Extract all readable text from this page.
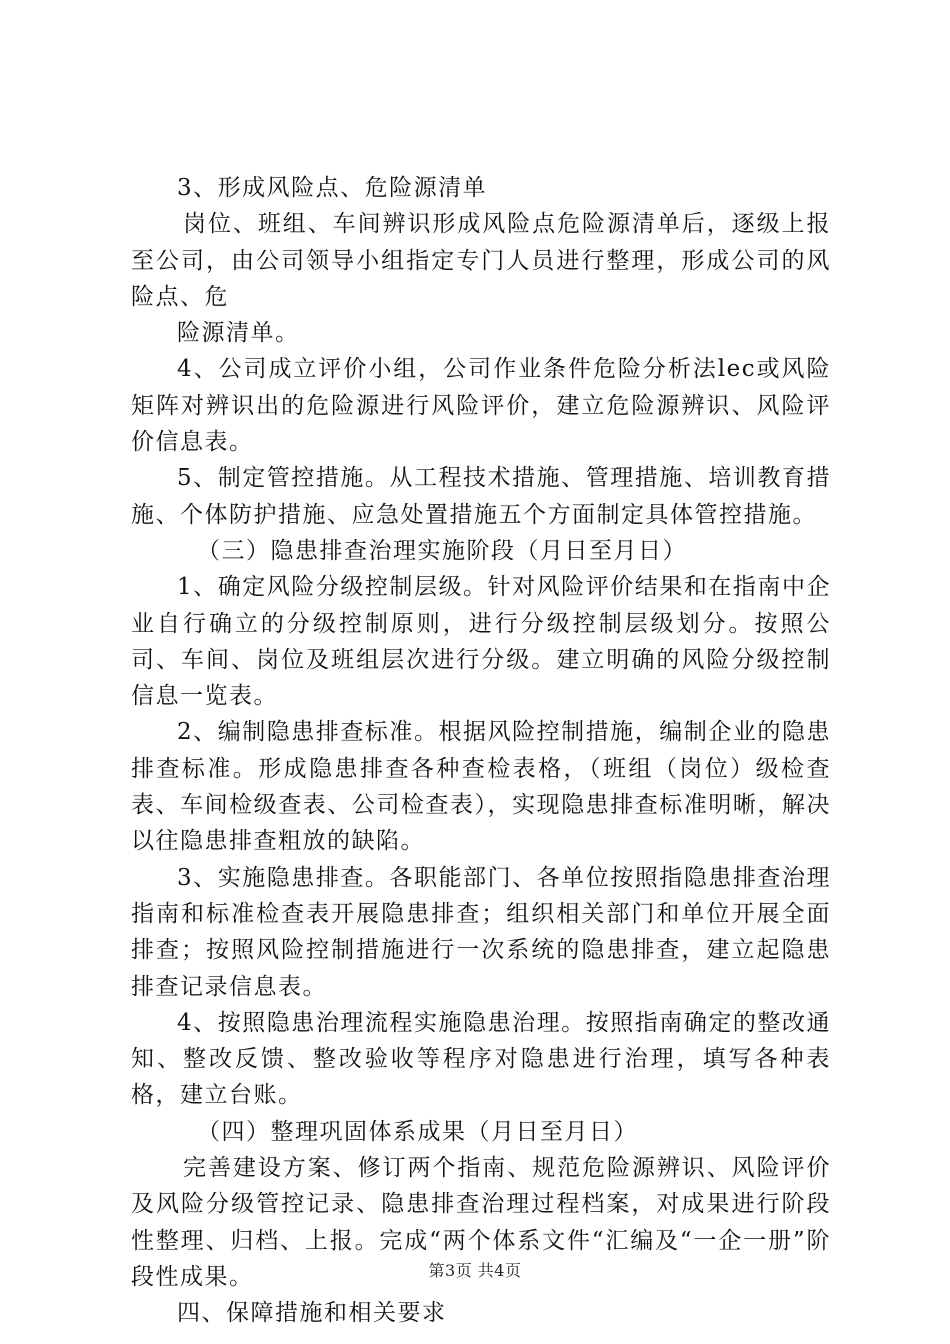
3、形成风险点、危险源清单

岗位、班组、车间辨识形成风险点危险源清单后，逐级上报至公司，由公司领导小组指定专门人员进行整理，形成公司的风险点、危

险源清单。

4、公司成立评价小组，公司作业条件危险分析法lec或风险矩阵对辨识出的危险源进行风险评价，建立危险源辨识、风险评价信息表。

5、制定管控措施。从工程技术措施、管理措施、培训教育措施、个体防护措施、应急处置措施五个方面制定具体管控措施。

（三）隐患排查治理实施阶段（月日至月日）

1、确定风险分级控制层级。针对风险评价结果和在指南中企业自行确立的分级控制原则，进行分级控制层级划分。按照公司、车间、岗位及班组层次进行分级。建立明确的风险分级控制信息一览表。

2、编制隐患排查标准。根据风险控制措施，编制企业的隐患排查标准。形成隐患排查各种查检表格，（班组（岗位）级检查表、车间检级查表、公司检查表），实现隐患排查标准明晰，解决以往隐患排查粗放的缺陷。

3、实施隐患排查。各职能部门、各单位按照指隐患排查治理指南和标准检查表开展隐患排查；组织相关部门和单位开展全面排查；按照风险控制措施进行一次系统的隐患排查，建立起隐患排查记录信息表。

4、按照隐患治理流程实施隐患治理。按照指南确定的整改通知、整改反馈、整改验收等程序对隐患进行治理，填写各种表格，建立台账。

（四）整理巩固体系成果（月日至月日）

完善建设方案、修订两个指南、规范危险源辨识、风险评价及风险分级管控记录、隐患排查治理过程档案，对成果进行阶段性整理、归档、上报。完成“两个体系文件“汇编及“一企一册”阶段性成果。

四、保障措施和相关要求

第3页 共4页
